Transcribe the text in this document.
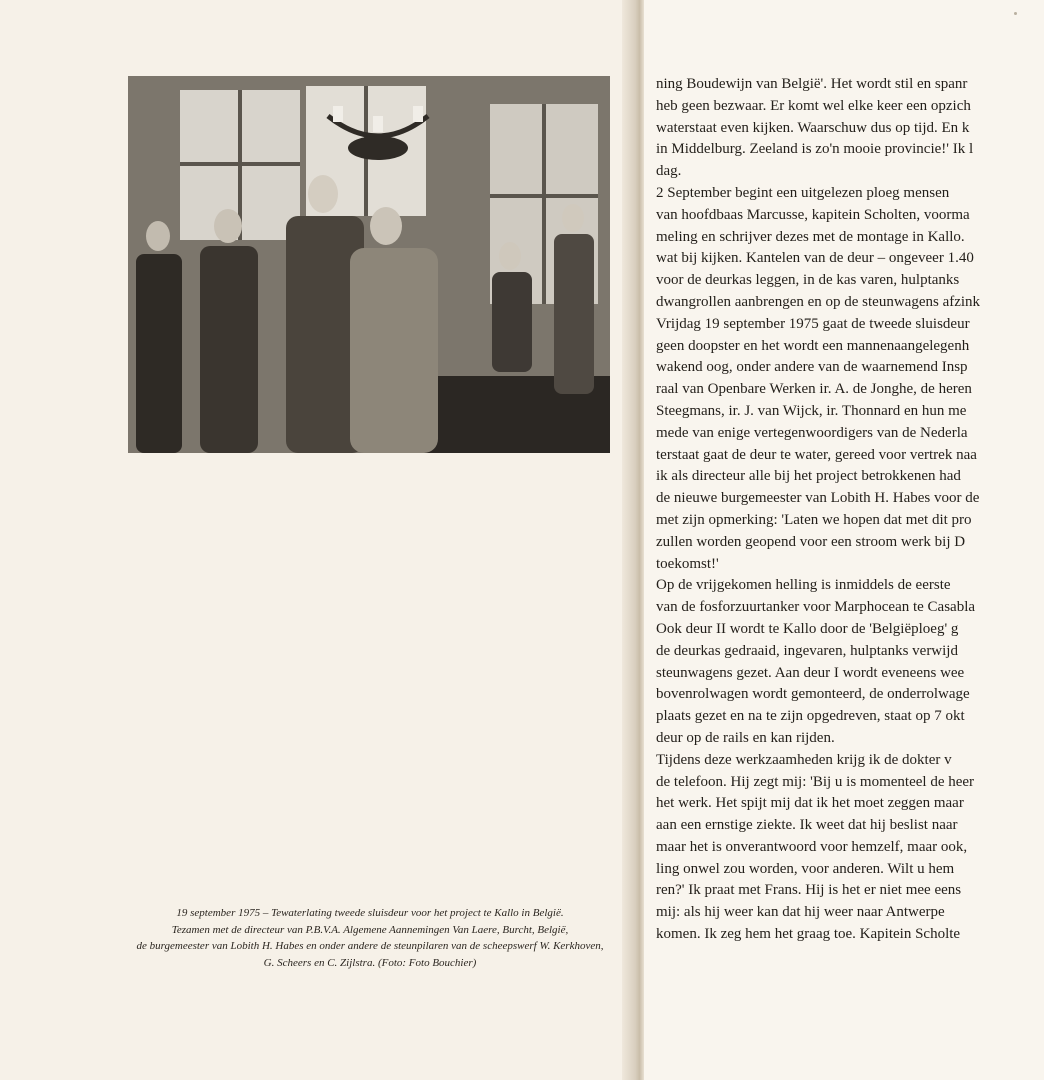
19 september 1975 – Tewaterlating tweede sluisdeur voor het project te Kallo in België.
Tezamen met de directeur van P.B.V.A. Algemene Aannemingen Van Laere, Burcht, België,
de burgemeester van Lobith H. Habes en onder andere de steunpilaren van de scheepswerf W. Kerkhoven,
G. Scheers en C. Zijlstra. (Foto: Foto Bouchier)
ning Boudewijn van België'. Het wordt stil en spanr
heb geen bezwaar. Er komt wel elke keer een opzich
waterstaat even kijken. Waarschuw dus op tijd. En k
in Middelburg. Zeeland is zo'n mooie provincie!' Ik l
dag.
2 September begint een uitgelezen ploeg mensen
van hoofdbaas Marcusse, kapitein Scholten, voorma
meling en schrijver dezes met de montage in Kallo.
wat bij kijken. Kantelen van de deur – ongeveer 1.40
voor de deurkas leggen, in de kas varen, hulptanks
dwangrollen aanbrengen en op de steunwagens afzink
Vrijdag 19 september 1975 gaat de tweede sluisdeur
geen doopster en het wordt een mannenaangelegenh
wakend oog, onder andere van de waarnemend Insp
raal van Openbare Werken ir. A. de Jonghe, de heren
Steegmans, ir. J. van Wijck, ir. Thonnard en hun me
mede van enige vertegenwoordigers van de Nederla
terstaat gaat de deur te water, gereed voor vertrek naa
ik als directeur alle bij het project betrokkenen had
de nieuwe burgemeester van Lobith H. Habes voor de
met zijn opmerking: 'Laten we hopen dat met dit pro
zullen worden geopend voor een stroom werk bij D
toekomst!'
Op de vrijgekomen helling is inmiddels de eerste
van de fosforzuurtanker voor Marphocean te Casabla
Ook deur II wordt te Kallo door de 'Belgiëploeg' g
de deurkas gedraaid, ingevaren, hulptanks verwijd
steunwagens gezet. Aan deur I wordt eveneens wee
bovenrolwagen wordt gemonteerd, de onderrolwage
plaats gezet en na te zijn opgedreven, staat op 7 okt
deur op de rails en kan rijden.
Tijdens deze werkzaamheden krijg ik de dokter v
de telefoon. Hij zegt mij: 'Bij u is momenteel de heer
het werk. Het spijt mij dat ik het moet zeggen maar
aan een ernstige ziekte. Ik weet dat hij beslist naar
maar het is onverantwoord voor hemzelf, maar ook,
ling onwel zou worden, voor anderen. Wilt u hem
ren?' Ik praat met Frans. Hij is het er niet mee eens
mij: als hij weer kan dat hij weer naar Antwerpe
komen. Ik zeg hem het graag toe. Kapitein Scholte
